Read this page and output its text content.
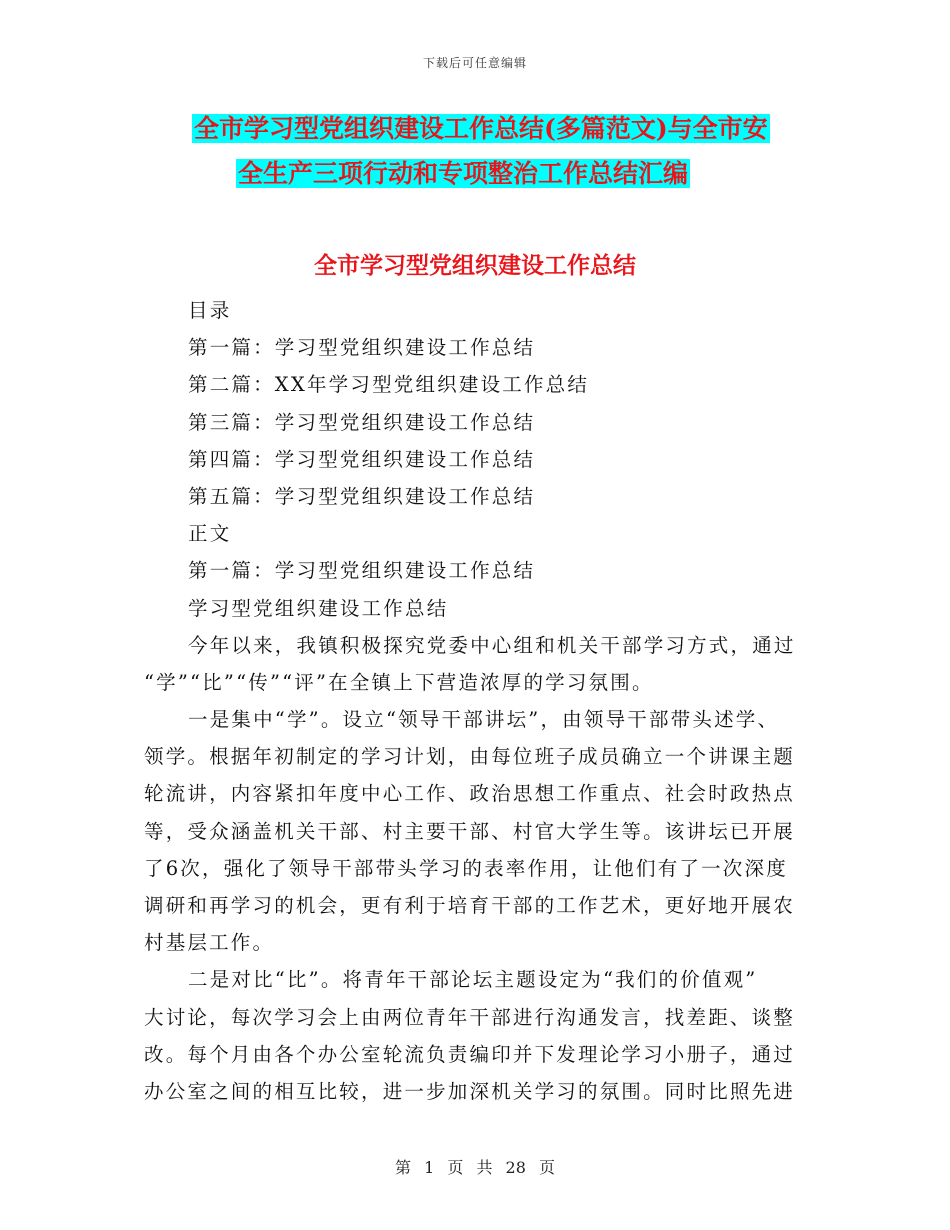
下载后可任意编辑
全市学习型党组织建设工作总结(多篇范文)与全市安
全生产三项行动和专项整治工作总结汇编
全市学习型党组织建设工作总结
目录
第一篇：学习型党组织建设工作总结
第二篇：XX年学习型党组织建设工作总结
第三篇：学习型党组织建设工作总结
第四篇：学习型党组织建设工作总结
第五篇：学习型党组织建设工作总结
正文
第一篇：学习型党组织建设工作总结
学习型党组织建设工作总结
今年以来，我镇积极探究党委中心组和机关干部学习方式，通过
“学”“比”“传”“评”在全镇上下营造浓厚的学习氛围。
一是集中“学”。设立“领导干部讲坛”，由领导干部带头述学、
领学。根据年初制定的学习计划，由每位班子成员确立一个讲课主题
轮流讲，内容紧扣年度中心工作、政治思想工作重点、社会时政热点
等，受众涵盖机关干部、村主要干部、村官大学生等。该讲坛已开展
了6次，强化了领导干部带头学习的表率作用，让他们有了一次深度
调研和再学习的机会，更有利于培育干部的工作艺术，更好地开展农
村基层工作。
二是对比“比”。将青年干部论坛主题设定为“我们的价值观”
大讨论，每次学习会上由两位青年干部进行沟通发言，找差距、谈整
改。每个月由各个办公室轮流负责编印并下发理论学习小册子，通过
办公室之间的相互比较，进一步加深机关学习的氛围。同时比照先进
第 1 页 共 28 页
